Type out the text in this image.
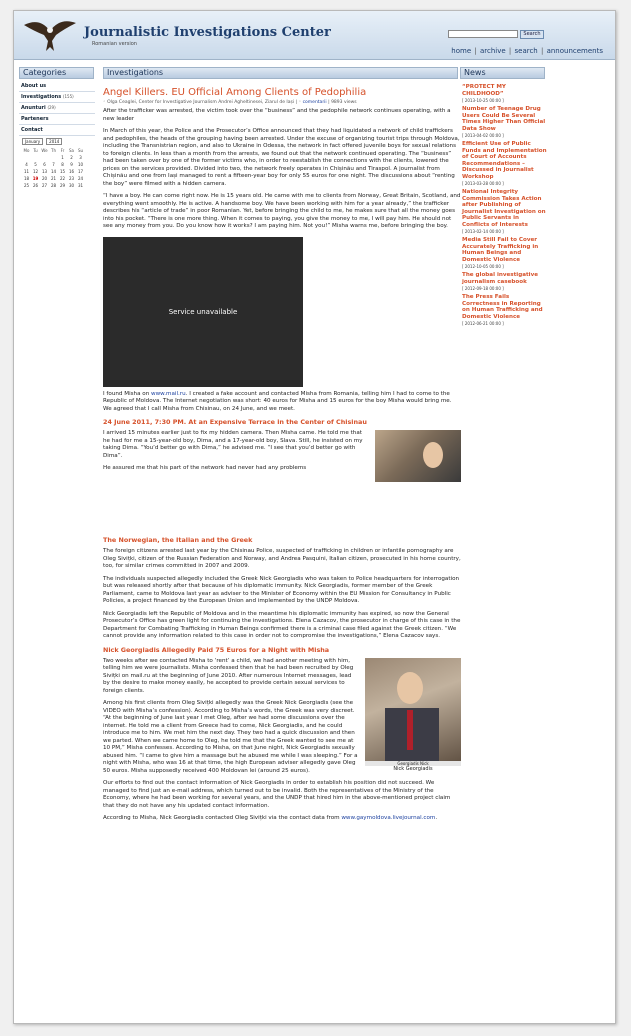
Journalistic Investigations Center
Romanian version
Search
home | archive | search | announcements
Categories	Investigations	News
About us
Investigations (155)
Anunturi (29)
Parteners
Contact
January	2014
Mo	Tu	We	Th	Fr	Sa	Su
				1	2	3
4	5	6	7	8	9	10
11	12	13	14	15	16	17
18	19	20	21	22	23	24
25	26	27	28	29	30	31
Angel Killers. EU Official Among Clients of Pedophilia
◦ Olga Ceaglei, Center for Investigative Journalism Andrei Agheltinesei, Ziarul de Iași | ◦ comentarii | 9893 views

After the trafficker was arrested, the victim took over the “business” and the pedophile network continues operating, with a new leader

In March of this year, the Police and the Prosecutor’s Office announced that they had liquidated a network of child traffickers and pedophiles, the heads of the grouping having been arrested. Under the excuse of organizing tourist trips through Moldova, including the Transnistrian region, and also to Ukraine in Odessa, the network in fact offered juvenile boys for sexual relations to foreign clients. In less than a month from the arrests, we found out that the network continued operating. The “business” had been taken over by one of the former victims who, in order to reestablish the connections with the clients, lowered the prices on the services provided. Divided into two, the network freely operates in Chișinău and Tiraspol. A journalist from Chișinău and one from Iași managed to rent a fifteen-year boy for only 55 euros for one night. The discussions about “renting the boy” were filmed with a hidden camera.

“I have a boy. He can come right now. He is 15 years old. He came with me to clients from Norway, Great Britain, Scotland, and everything went smoothly. He is active. A handsome boy. We have been working with him for a year already,” the trafficker describes his “article of trade” in poor Romanian. Yet, before bringing the child to me, he makes sure that all the money goes into his pocket. “There is one more thing. When it comes to paying, you give the money to me, I will pay him. He should not see any money from you. Do you know how it works? I am paying him. Not you!” Misha warns me, before bringing the boy.

Service unavailable

I found Misha on www.mail.ru. I created a fake account and contacted Misha from Romania, telling him I had to come to the Republic of Moldova. The Internet negotiation was short: 40 euros for Misha and 15 euros for the boy Misha would bring me. We agreed that I call Misha from Chisinau, on 24 June, and we meet.

24 June 2011, 7:30 PM. At an Expensive Terrace in the Center of Chisinau

I arrived 15 minutes earlier just to fix my hidden camera. Then Misha came. He told me that he had for me a 15-year-old boy, Dima, and a 17-year-old boy, Slava. Still, he insisted on my taking Dima. “You’d better go with Dima,” he advised me. “I see that you’d better go with Dima”.

He assured me that his part of the network had never had any problems

The Norwegian, the Italian and the Greek

The foreign citizens arrested last year by the Chisinau Police, suspected of trafficking in children or infantile pornography are Oleg Sivițki, citizen of the Russian Federation and Norway, and Andrea Pasquini, Italian citizen, prosecuted in his home country, too, for similar crimes committed in 2007 and 2009.

The individuals suspected allegedly included the Greek Nick Georgiadis who was taken to Police headquarters for interrogation but was released shortly after that because of his diplomatic immunity. Nick Georgiadis, former member of the Greek Parliament, came to Moldova last year as adviser to the Minister of Economy within the EU Mission for Consultancy in Public Policies, a project financed by the European Union and implemented by the UNDP Moldova.

Nick Georgiadis left the Republic of Moldova and in the meantime his diplomatic immunity has expired, so now the General Prosecutor’s Office has green light for continuing the investigations. Elena Cazacov, the prosecutor in charge of this case in the Department for Combating Trafficking in Human Beings confirmed there is a criminal case filed against the Greek citizen. “We cannot provide any information related to this case in order not to compromise the investigations,” Elena Cazacov says.

Nick Georgiadis Allegedly Paid 75 Euros for a Night with Misha
Georgiadis Nick
Nick Georgiadis

Two weeks after we contacted Misha to ‘rent’ a child, we had another meeting with him, telling him we were journalists. Misha confessed then that he had been recruited by Oleg Sivițki on mail.ru at the beginning of June 2010. After numerous Internet messages, lead by the desire to make money easily, he accepted to provide certain sexual services to foreign clients.

Among his first clients from Oleg Sivițki allegedly was the Greek Nick Georgiadis (see the VIDEO with Misha’s confession). According to Misha’s words, the Greek was very discreet. “At the beginning of June last year I met Oleg, after we had some discussions over the internet. He told me a client from Greece had to come, Nick Georgiadis, and he could introduce me to him. We met him the next day. They two had a quick discussion and then we parted. When we came home to Oleg, he told me that the Greek wanted to see me at 10 PM,” Misha confesses. According to Misha, on that June night, Nick Georgiadis sexually abused him. “I came to give him a massage but he abused me while I was sleeping.” For a night with Misha, who was 16 at that time, the high European adviser allegedly gave Oleg 50 euros. Misha supposedly received 400 Moldovan lei (around 25 euros).

Our efforts to find out the contact information of Nick Georgiadis in order to establish his position did not succeed. We managed to find just an e-mail address, which turned out to be invalid. Both the representatives of the Ministry of the Economy, where he had been working for several years, and the UNDP that hired him in the above-mentioned project claim that they do not have any his updated contact information.

According to Misha, Nick Georgiadis contacted Oleg Sivițki via the contact data from www.gaymoldova.livejournal.com.

“PROTECT MY CHILDHOOD”
[ 2013-10-25 00:00 ]
Number of Teenage Drug Users Could Be Several Times Higher Than Official Data Show
[ 2013-04-02 00:00 ]
Efficient Use of Public Funds and Implementation of Court of Accounts Recommendations – Discussed in Journalist Workshop
[ 2013-03-28 00:00 ]
National Integrity Commission Takes Action after Publishing of Journalist Investigation on Public Servants in Conflicts of Interests
[ 2013-02-14 00:00 ]
Media Still Fail to Cover Accurately Trafficking in Human Beings and Domestic Violence
[ 2012-10-05 00:00 ]
The global investigative journalism casebook
[ 2012-09-18 00:00 ]
The Press Fails Correctness in Reporting on Human Trafficking and Domestic Violence
[ 2012-06-21 00:00 ]
